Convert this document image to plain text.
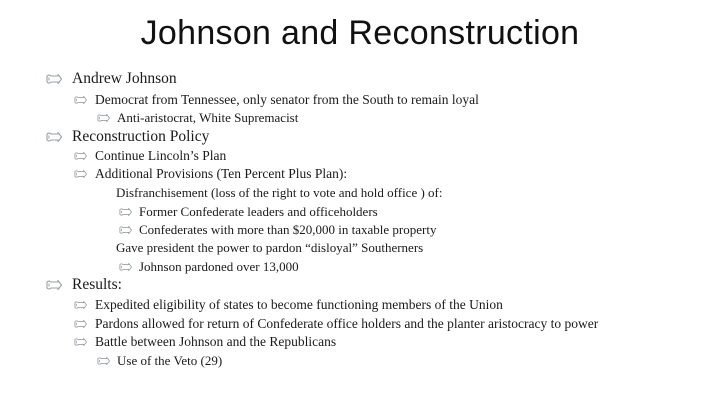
Johnson and Reconstruction
Andrew Johnson
Democrat from Tennessee, only senator from the South to remain loyal
Anti-aristocrat, White Supremacist
Reconstruction Policy
Continue Lincoln’s Plan
Additional Provisions (Ten Percent Plus Plan):
Disfranchisement (loss of the right to vote and hold office ) of:
Former Confederate leaders and officeholders
Confederates with more than $20,000 in taxable property
Gave president the power to pardon “disloyal” Southerners
Johnson pardoned over 13,000
Results:
Expedited eligibility of states to become functioning members of the Union
Pardons allowed for return of Confederate office holders and the planter aristocracy to power
Battle between Johnson and the Republicans
Use of the Veto (29)
